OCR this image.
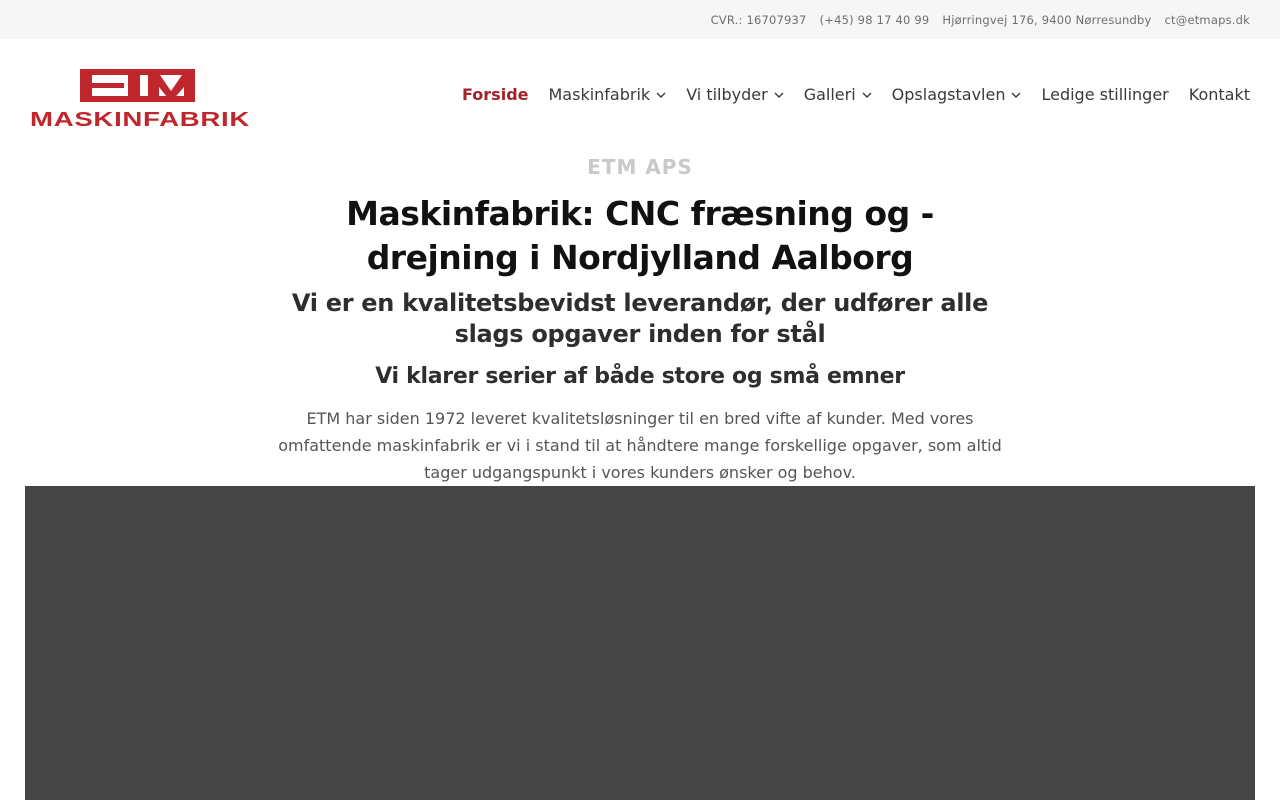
CVR.: 16707937 (+45) 98 17 40 99 Hjørringvej 176, 9400 Nørresundby ct@etmaps.dk
MASKINFABRIK
Forside Maskinfabrik Vi tilbyder Galleri Opslagstavlen Ledige stillinger Kontakt
ETM APS
Maskinfabrik: CNC fræsning og -drejning i Nordjylland Aalborg
Vi er en kvalitetsbevidst leverandør, der udfører alle slags opgaver inden for stål
Vi klarer serier af både store og små emner

ETM har siden 1972 leveret kvalitetsløsninger til en bred vifte af kunder. Med vores omfattende maskinfabrik er vi i stand til at håndtere mange forskellige opgaver, som altid tager udgangspunkt i vores kunders ønsker og behov.
